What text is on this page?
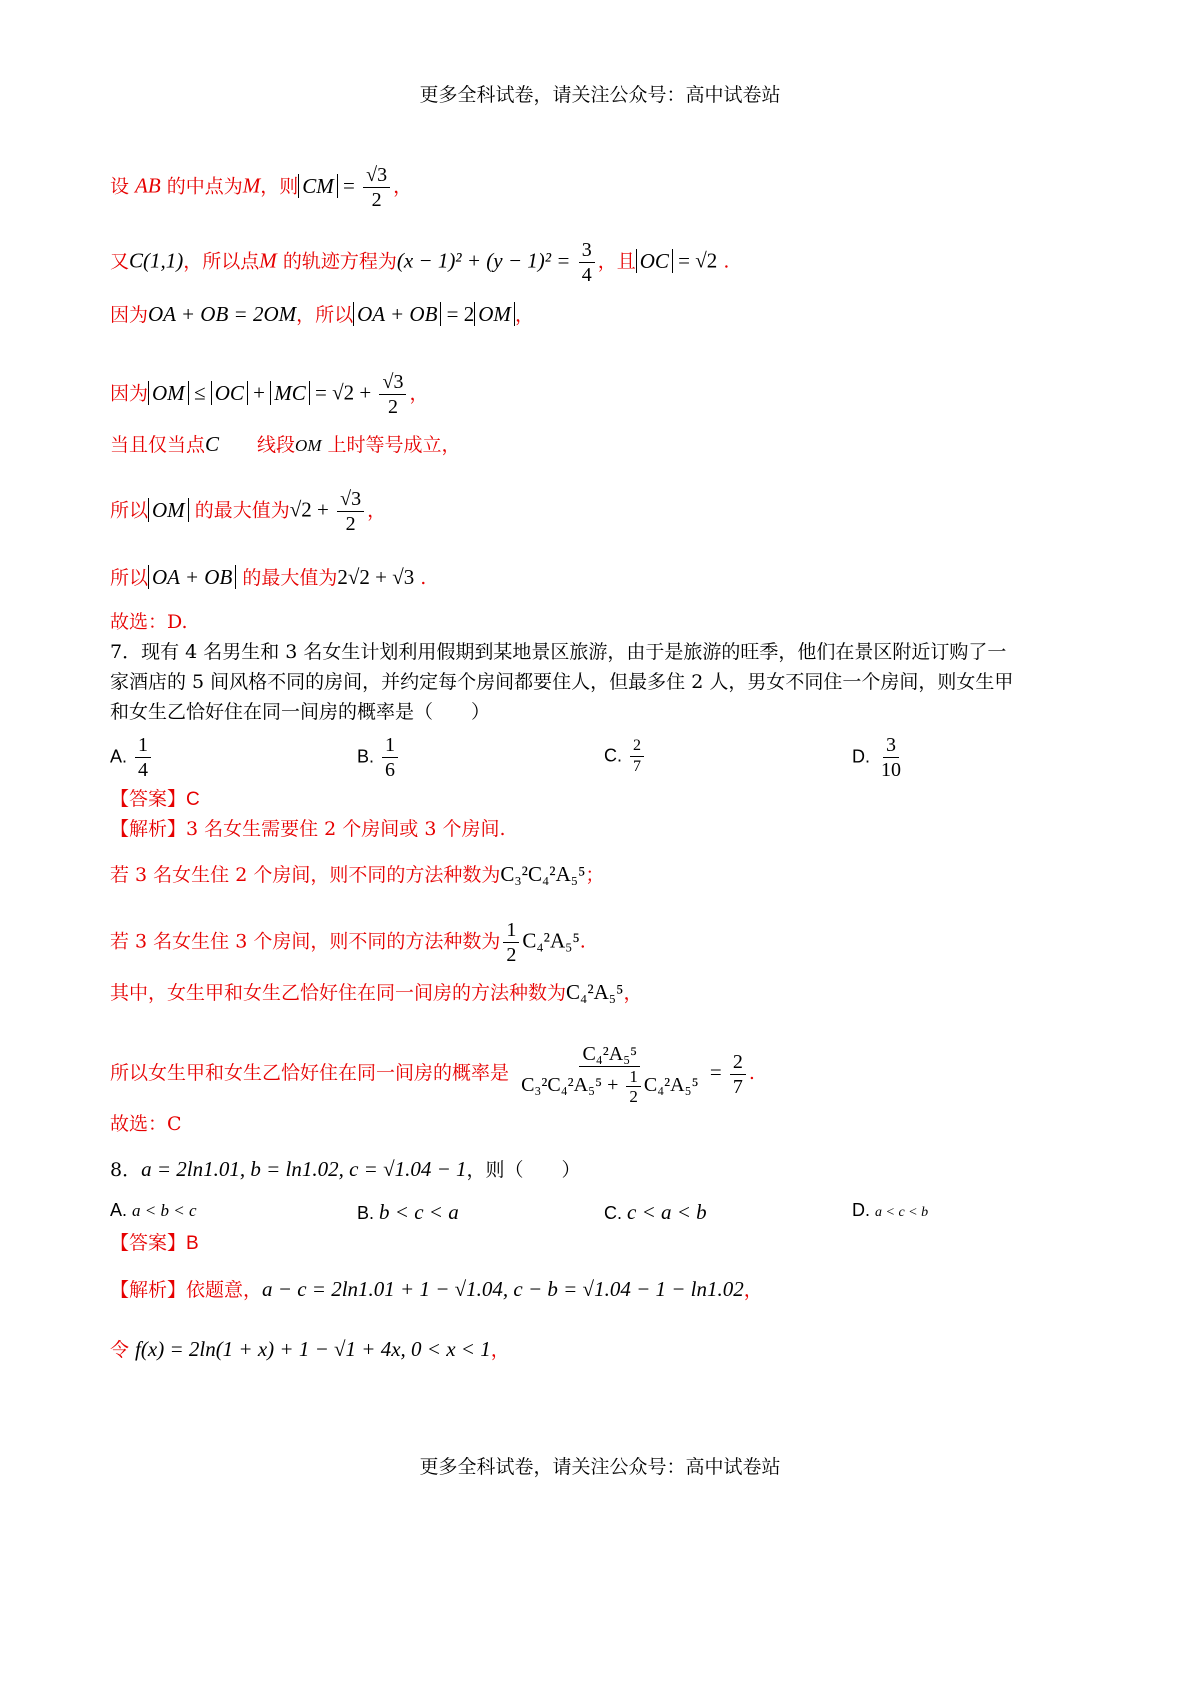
更多全科试卷，请关注公众号：高中试卷站
设 AB 的中点为M，则 CM = $\frac{√3}{2}$ ，
又C(1,1)，所以点M 的轨迹方程为$(x - 1)^2 + (y - 1)^2 = \frac{3}{4}$ ，且 OC = √2 .
因为OA + OB = 2OM，所以 OA + OB = 2 OM ，
因为 OM ≤ OC + MC = $√2 + \frac{√3}{2}$ ，
当且仅当点C 线段OM 上时等号成立，
所以 OM 的最大值为$√2 + \frac{√3}{2}$ ，
所以 OA + OB 的最大值为2√2 + √3 .
故选：D.
7．现有 4 名男生和 3 名女生计划利用假期到某地景区旅游，由于是旅游的旺季，他们在景区附近订购了一
家酒店的 5 间风格不同的房间，并约定每个房间都要住人，但最多住 2 人，男女不同住一个房间，则女生甲
和女生乙恰好住在同一间房的概率是（　　）
A. $\frac{1}{4}$	B. $\frac{1}{6}$	C. $\frac{2}{7}$	D. $\frac{3}{10}$
【答案】C
【解析】3 名女生需要住 2 个房间或 3 个房间.
若 3 名女生住 2 个房间，则不同的方法种数为C₃²C₄²A₅⁵；
若 3 名女生住 3 个房间，则不同的方法种数为 $\frac{1}{2} C_4^2A_5^5$.
其中，女生甲和女生乙恰好住在同一间房的方法种数为C₄²A₅⁵，
所以女生甲和女生乙恰好住在同一间房的概率是 $\frac{\text{C₄²A₅⁵}}{C_3^2C_4^2A_5^5 + \frac{1}{2} C_4^2A_5^5} = \frac{2}{7}$ .
故选：C
8．a = 2ln1.01, b = ln1.02, c = √1.04 − 1，则（　　）
A. a < b < c	B. b < c < a	C. c < a < b	D. a < c < b
【答案】B
【解析】依题意，a − c = 2ln1.01 + 1 − √1.04, c − b = √1.04 − 1 − ln1.02，
令 f(x) = 2ln(1 + x) + 1 − √1 + 4x, 0 < x < 1，
更多全科试卷，请关注公众号：高中试卷站
